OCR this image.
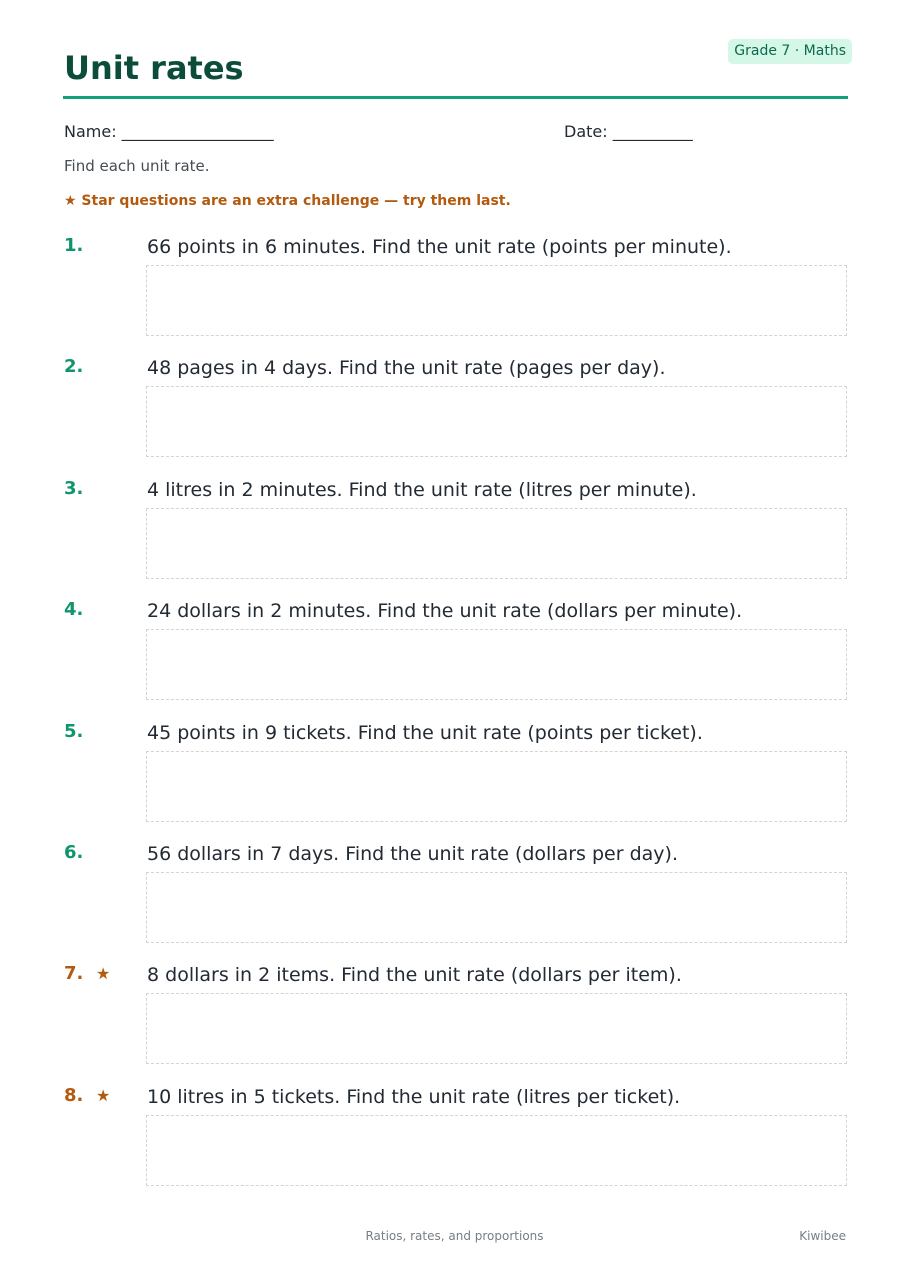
Unit rates	Grade 7 · Maths
Name: ___________________	Date: __________
Find each unit rate.
★ Star questions are an extra challenge — try them last.
1.	66 points in 6 minutes. Find the unit rate (points per minute).
2.	48 pages in 4 days. Find the unit rate (pages per day).
3.	4 litres in 2 minutes. Find the unit rate (litres per minute).
4.	24 dollars in 2 minutes. Find the unit rate (dollars per minute).
5.	45 points in 9 tickets. Find the unit rate (points per ticket).
6.	56 dollars in 7 days. Find the unit rate (dollars per day).
7. ★ 8 dollars in 2 items. Find the unit rate (dollars per item).
8. ★ 10 litres in 5 tickets. Find the unit rate (litres per ticket).
Ratios, rates, and proportions	Kiwibee
